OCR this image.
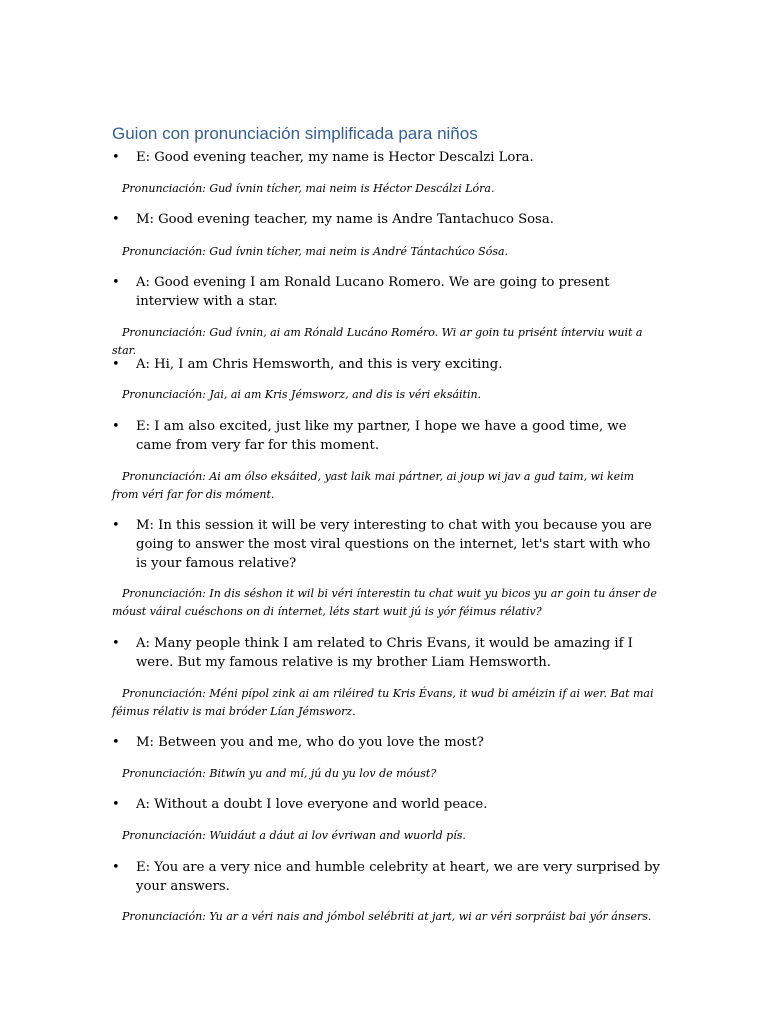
Guion con pronunciación simplificada para niños
•	E: Good evening teacher, my name is Hector Descalzi Lora.
Pronunciación: Gud ívnin tícher, mai neim is Héctor Descálzi Lóra.
•	M: Good evening teacher, my name is Andre Tantachuco Sosa.
Pronunciación: Gud ívnin tícher, mai neim is André Tántachúco Sósa.
•	A: Good evening I am Ronald Lucano Romero. We are going to present interview with a star.
Pronunciación: Gud ívnin, ai am Rónald Lucáno Roméro. Wi ar goin tu prisént ínterviu wuit a star.
•	A: Hi, I am Chris Hemsworth, and this is very exciting.
Pronunciación: Jai, ai am Kris Jémsworz, and dis is véri eksáitin.
•	E: I am also excited, just like my partner, I hope we have a good time, we came from very far for this moment.
Pronunciación: Ai am ólso eksáited, yast laik mai pártner, ai joup wi jav a gud taim, wi keim from véri far for dis móment.
•	M: In this session it will be very interesting to chat with you because you are going to answer the most viral questions on the internet, let's start with who is your famous relative?
Pronunciación: In dis séshon it wil bi véri ínterestin tu chat wuit yu bicos yu ar goin tu ánser de móust váiral cuéschons on di ínternet, léts start wuit jú is yór féimus rélativ?
•	A: Many people think I am related to Chris Evans, it would be amazing if I were. But my famous relative is my brother Liam Hemsworth.
Pronunciación: Méni pípol zink ai am riléired tu Kris Évans, it wud bi améizin if ai wer. Bat mai féimus rélativ is mai bróder Lían Jémsworz.
•	M: Between you and me, who do you love the most?
Pronunciación: Bitwín yu and mí, jú du yu lov de móust?
•	A: Without a doubt I love everyone and world peace.
Pronunciación: Wuidáut a dáut ai lov évriwan and wuorld pís.
•	E: You are a very nice and humble celebrity at heart, we are very surprised by your answers.
Pronunciación: Yu ar a véri nais and jómbol selébriti at jart, wi ar véri sorpráist bai yór ánsers.
